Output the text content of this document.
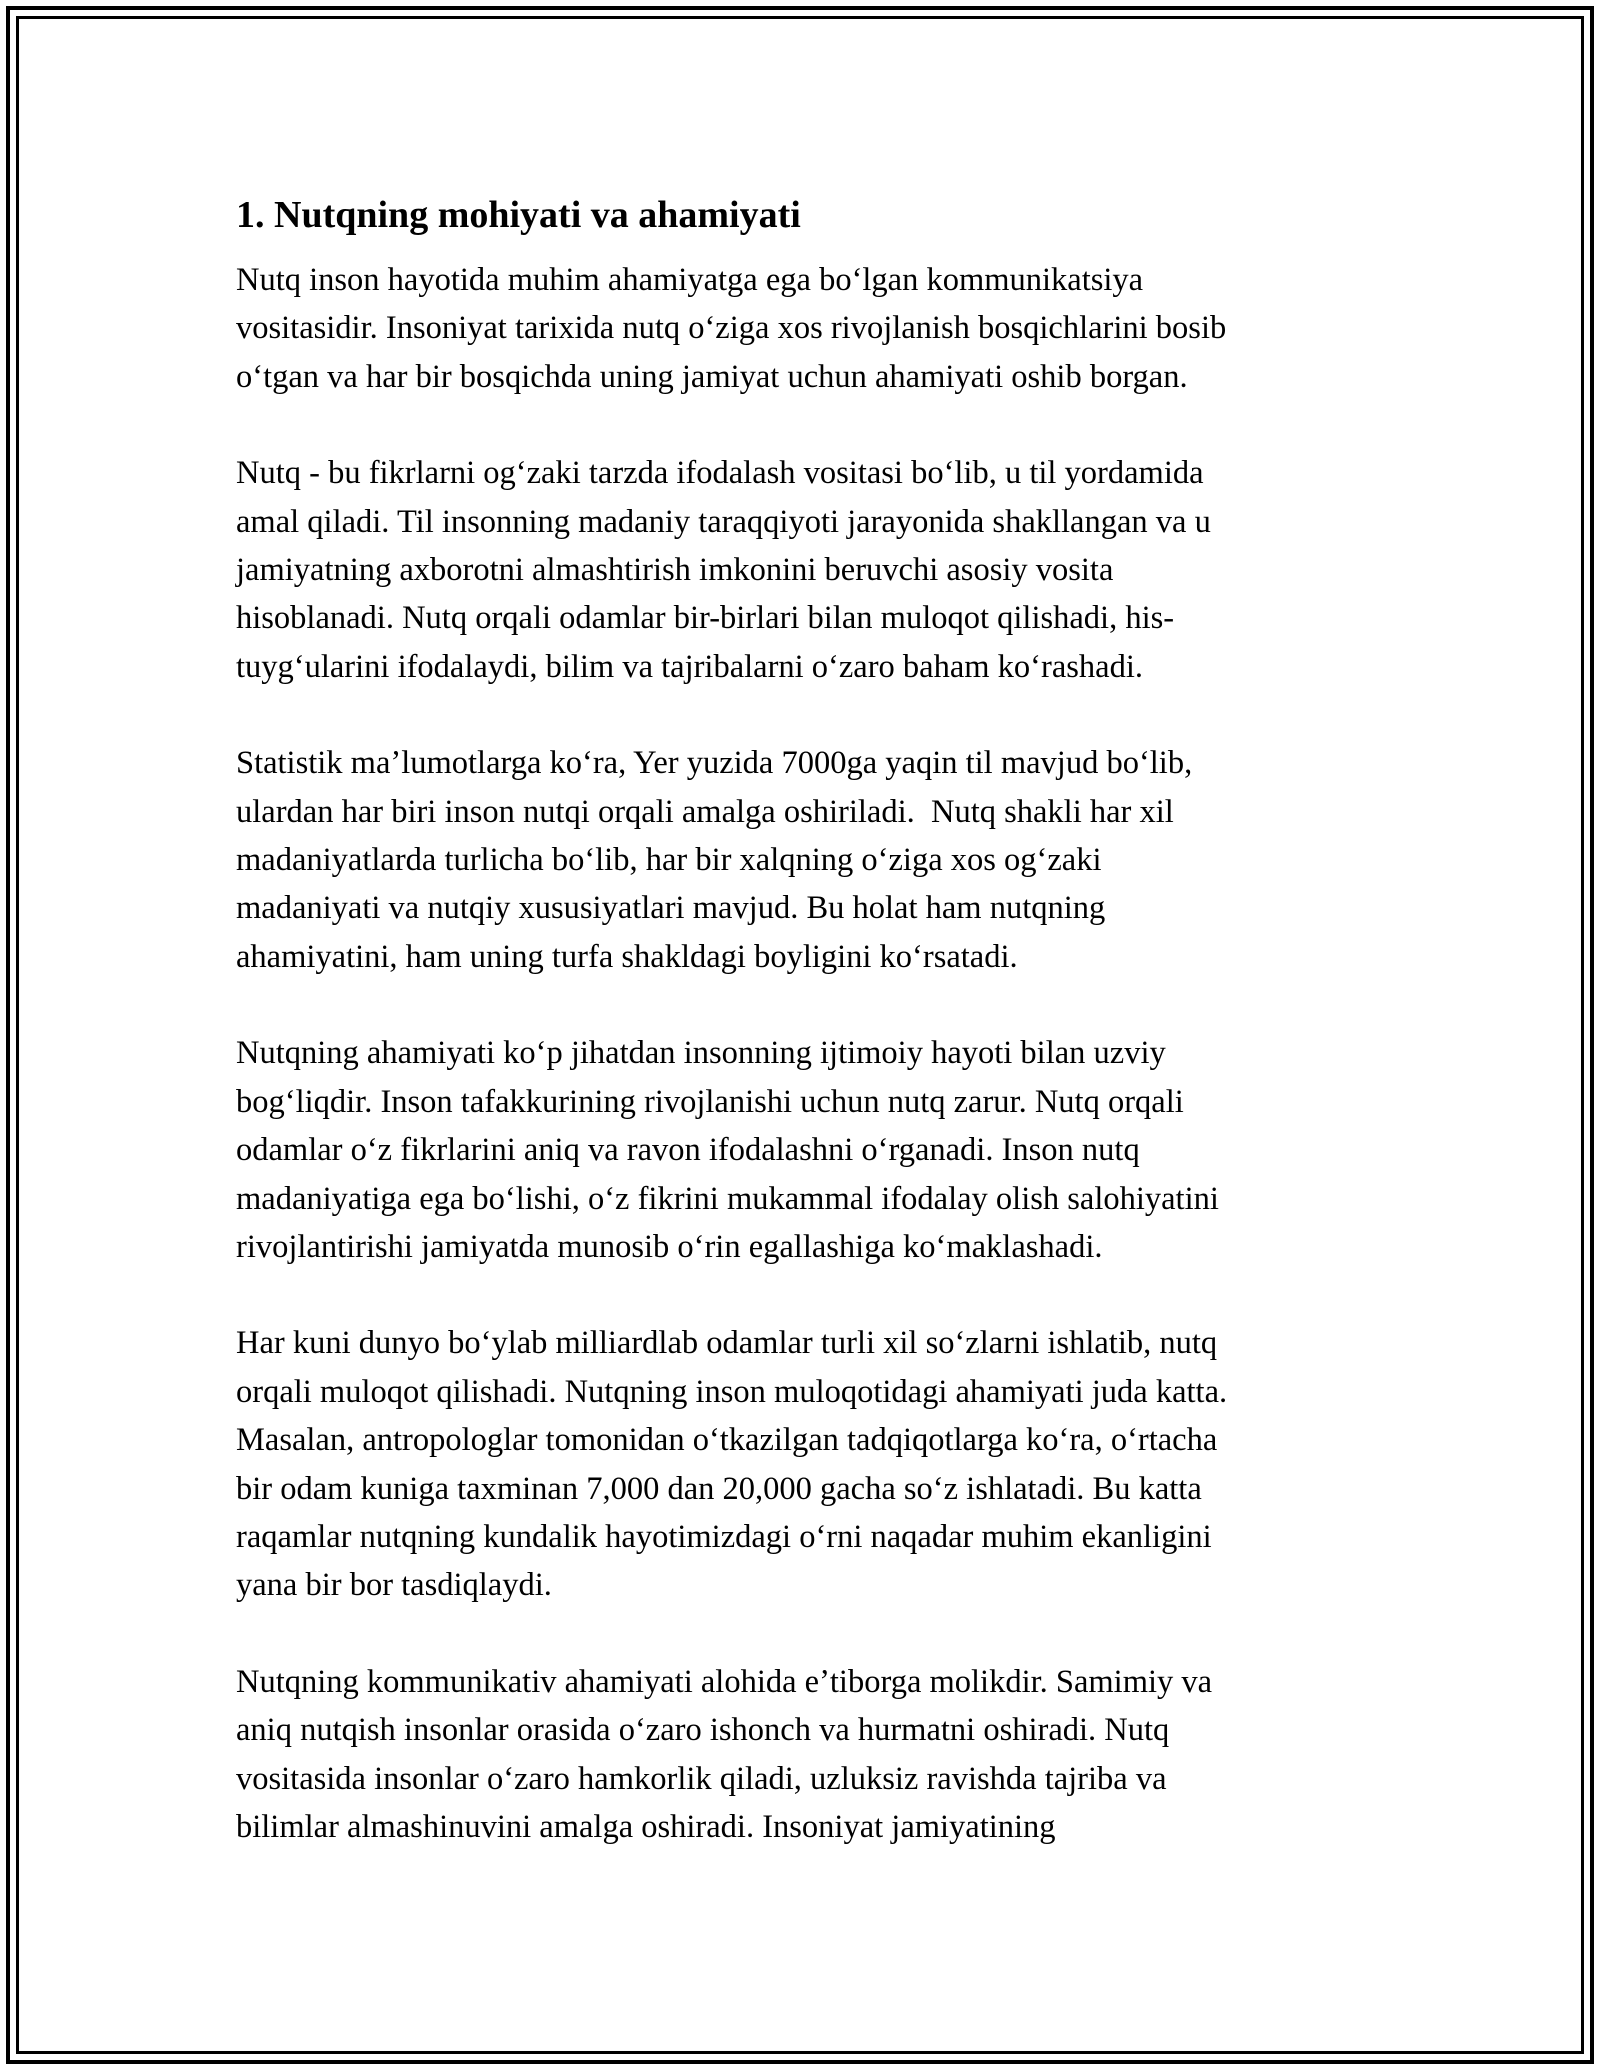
1. Nutqning mohiyati va ahamiyati

Nutq inson hayotida muhim ahamiyatga ega boʻlgan kommunikatsiya
vositasidir. Insoniyat tarixida nutq oʻziga xos rivojlanish bosqichlarini bosib
oʻtgan va har bir bosqichda uning jamiyat uchun ahamiyati oshib borgan.

Nutq - bu fikrlarni ogʻzaki tarzda ifodalash vositasi boʻlib, u til yordamida
amal qiladi. Til insonning madaniy taraqqiyoti jarayonida shakllangan va u
jamiyatning axborotni almashtirish imkonini beruvchi asosiy vosita
hisoblanadi. Nutq orqali odamlar bir-birlari bilan muloqot qilishadi, his-
tuygʻularini ifodalaydi, bilim va tajribalarni oʻzaro baham koʻrashadi.

Statistik maʼlumotlarga koʻra, Yer yuzida 7000ga yaqin til mavjud boʻlib,
ulardan har biri inson nutqi orqali amalga oshiriladi.  Nutq shakli har xil
madaniyatlarda turlicha boʻlib, har bir xalqning oʻziga xos ogʻzaki
madaniyati va nutqiy xususiyatlari mavjud. Bu holat ham nutqning
ahamiyatini, ham uning turfa shakldagi boyligini koʻrsatadi.

Nutqning ahamiyati koʻp jihatdan insonning ijtimoiy hayoti bilan uzviy
bogʻliqdir. Inson tafakkurining rivojlanishi uchun nutq zarur. Nutq orqali
odamlar oʻz fikrlarini aniq va ravon ifodalashni oʻrganadi. Inson nutq
madaniyatiga ega boʻlishi, oʻz fikrini mukammal ifodalay olish salohiyatini
rivojlantirishi jamiyatda munosib oʻrin egallashiga koʻmaklashadi.

Har kuni dunyo boʻylab milliardlab odamlar turli xil soʻzlarni ishlatib, nutq
orqali muloqot qilishadi. Nutqning inson muloqotidagi ahamiyati juda katta.
Masalan, antropologlar tomonidan oʻtkazilgan tadqiqotlarga koʻra, oʻrtacha
bir odam kuniga taxminan 7,000 dan 20,000 gacha soʻz ishlatadi. Bu katta
raqamlar nutqning kundalik hayotimizdagi oʻrni naqadar muhim ekanligini
yana bir bor tasdiqlaydi.

Nutqning kommunikativ ahamiyati alohida eʼtiborga molikdir. Samimiy va
aniq nutqish insonlar orasida oʻzaro ishonch va hurmatni oshiradi. Nutq
vositasida insonlar oʻzaro hamkorlik qiladi, uzluksiz ravishda tajriba va
bilimlar almashinuvini amalga oshiradi. Insoniyat jamiyatining
